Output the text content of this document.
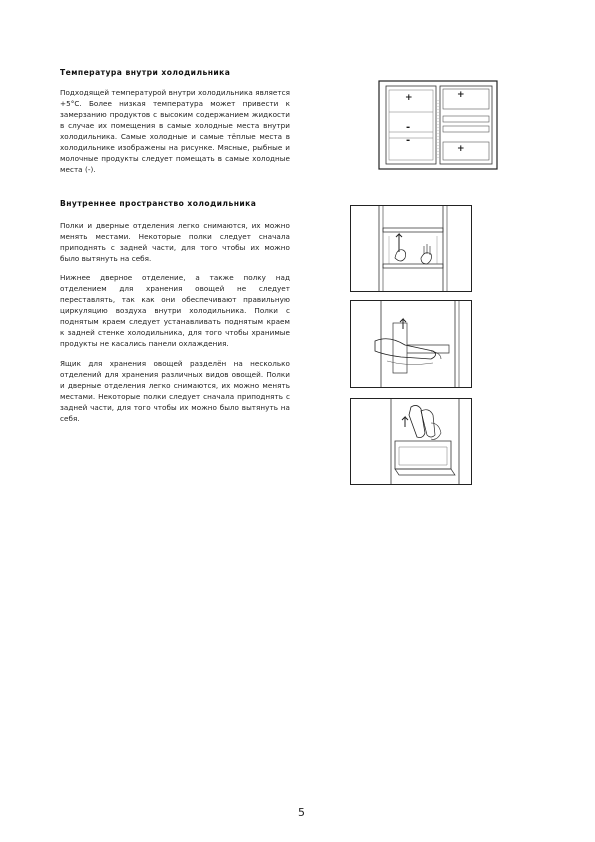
Температура внутри холодильника

Подходящей температурой внутри холодильника является +5°C. Более низкая температура может привести к замерзанию продуктов с высоким содержанием жидкости в случае их помещения в самые холодные места внутри холодильника. Самые холодные и самые тёплые места в холодильнике изображены на рисунке. Мясные, рыбные и молочные продукты следует помещать в самые холодные места (-).

+
-
-
+
+
Внутреннее пространство холодильника

Полки и дверные отделения легко снимаются, их можно менять местами. Некоторые полки следует сначала приподнять с задней части, для того чтобы их можно было вытянуть на себя.

Нижнее дверное отделение, а также полку над отделением для хранения овощей не следует переставлять, так как они обеспечивают правильную циркуляцию воздуха внутри холодильника. Полки с поднятым краем следует устанавливать поднятым краем к задней стенке холодильника, для того чтобы хранимые продукты не касались панели охлаждения.

Ящик для хранения овощей разделён на несколько отделений для хранения различных видов овощей. Полки и дверные отделения легко снимаются, их можно менять местами. Некоторые полки следует сначала приподнять с задней части, для того чтобы их можно было вытянуть на себя.

5
